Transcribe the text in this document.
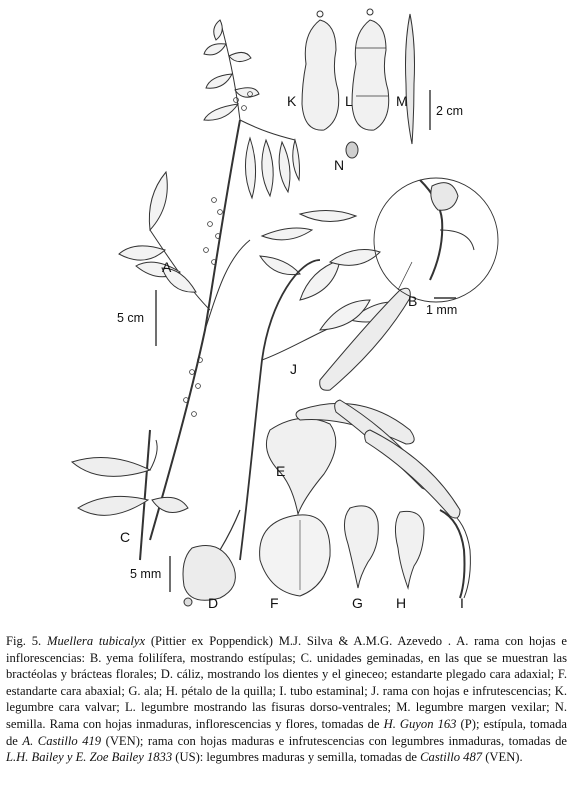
A
B
C
D
E
F	G H	I
J
K	L	M
N
2 cm
5 cm
1 mm
5 mm
Fig. 5. Muellera tubicalyx (Pittier ex Poppendick) M.J. Silva & A.M.G. Azevedo . A. rama con hojas e inflorescencias: B. yema folilífera, mostrando estípulas; C. unidades geminadas, en las que se muestran las bractéolas y brácteas florales; D. cáliz, mostrando los dientes y el gineceo; estandarte plegado cara adaxial; F. estandarte cara abaxial; G. ala; H. pétalo de la quilla; I. tubo estaminal; J. rama con hojas e infrutescencias; K. legumbre cara valvar; L. legumbre mostrando las fisuras dorso-ventrales; M. legumbre margen vexilar; N. semilla. Rama con hojas inmaduras, inflorescencias y flores, tomadas de H. Guyon 163 (P); estípula, tomada de A. Castillo 419 (VEN); rama con hojas maduras e infrutescencias con legumbres inmaduras, tomadas de L.H. Bailey y E. Zoe Bailey 1833 (US): legumbres maduras y semilla, tomadas de Castillo 487 (VEN).
